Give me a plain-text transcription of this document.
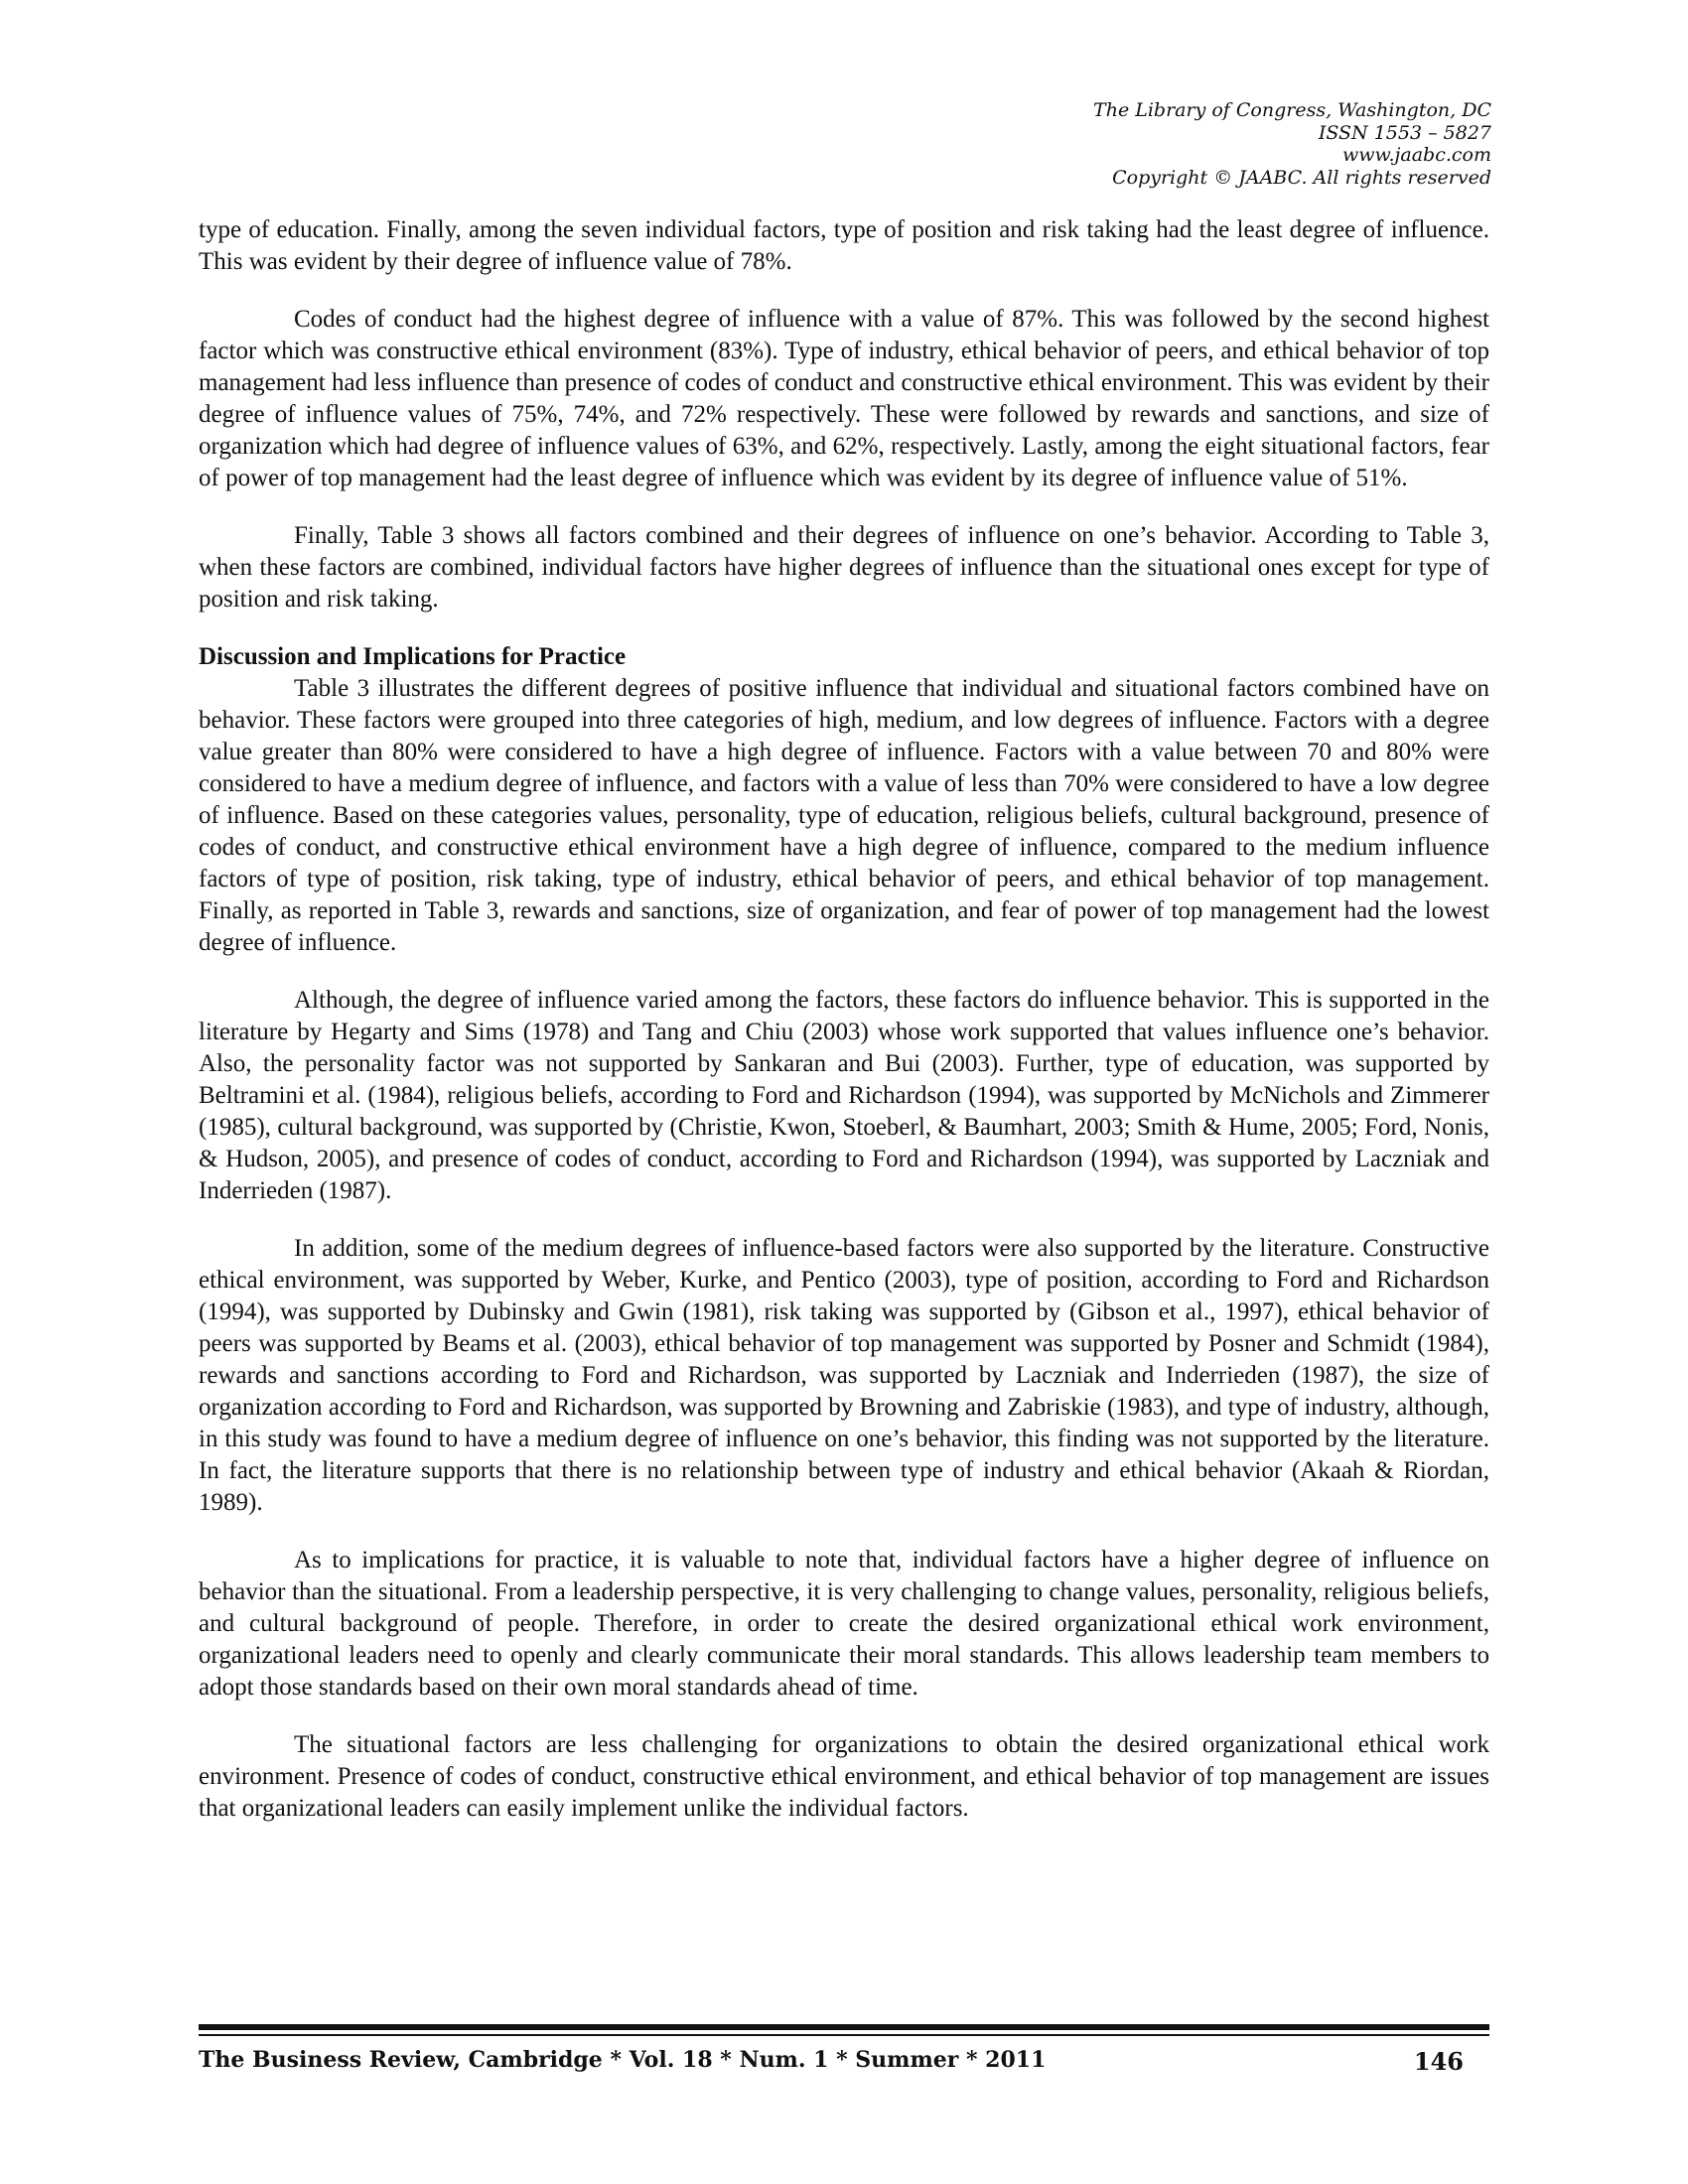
The Library of Congress, Washington, DC
ISSN 1553 – 5827
www.jaabc.com
Copyright © JAABC. All rights reserved

type of education. Finally, among the seven individual factors, type of position and risk taking had the least degree of influence. This was evident by their degree of influence value of 78%.

Codes of conduct had the highest degree of influence with a value of 87%. This was followed by the second highest factor which was constructive ethical environment (83%). Type of industry, ethical behavior of peers, and ethical behavior of top management had less influence than presence of codes of conduct and constructive ethical environment. This was evident by their degree of influence values of 75%, 74%, and 72% respectively. These were followed by rewards and sanctions, and size of organization which had degree of influence values of 63%, and 62%, respectively. Lastly, among the eight situational factors, fear of power of top management had the least degree of influence which was evident by its degree of influence value of 51%.

Finally, Table 3 shows all factors combined and their degrees of influence on one’s behavior. According to Table 3, when these factors are combined, individual factors have higher degrees of influence than the situational ones except for type of position and risk taking.

Discussion and Implications for Practice

Table 3 illustrates the different degrees of positive influence that individual and situational factors combined have on behavior. These factors were grouped into three categories of high, medium, and low degrees of influence. Factors with a degree value greater than 80% were considered to have a high degree of influence. Factors with a value between 70 and 80% were considered to have a medium degree of influence, and factors with a value of less than 70% were considered to have a low degree of influence. Based on these categories values, personality, type of education, religious beliefs, cultural background, presence of codes of conduct, and constructive ethical environment have a high degree of influence, compared to the medium influence factors of type of position, risk taking, type of industry, ethical behavior of peers, and ethical behavior of top management. Finally, as reported in Table 3, rewards and sanctions, size of organization, and fear of power of top management had the lowest degree of influence.

Although, the degree of influence varied among the factors, these factors do influence behavior. This is supported in the literature by Hegarty and Sims (1978) and Tang and Chiu (2003) whose work supported that values influence one’s behavior. Also, the personality factor was not supported by Sankaran and Bui (2003). Further, type of education, was supported by Beltramini et al. (1984), religious beliefs, according to Ford and Richardson (1994), was supported by McNichols and Zimmerer (1985), cultural background, was supported by (Christie, Kwon, Stoeberl, & Baumhart, 2003; Smith & Hume, 2005; Ford, Nonis, & Hudson, 2005), and presence of codes of conduct, according to Ford and Richardson (1994), was supported by Laczniak and Inderrieden (1987).

In addition, some of the medium degrees of influence-based factors were also supported by the literature. Constructive ethical environment, was supported by Weber, Kurke, and Pentico (2003), type of position, according to Ford and Richardson (1994), was supported by Dubinsky and Gwin (1981), risk taking was supported by (Gibson et al., 1997), ethical behavior of peers was supported by Beams et al. (2003), ethical behavior of top management was supported by Posner and Schmidt (1984), rewards and sanctions according to Ford and Richardson, was supported by Laczniak and Inderrieden (1987), the size of organization according to Ford and Richardson, was supported by Browning and Zabriskie (1983), and type of industry, although, in this study was found to have a medium degree of influence on one’s behavior, this finding was not supported by the literature. In fact, the literature supports that there is no relationship between type of industry and ethical behavior (Akaah & Riordan, 1989).

As to implications for practice, it is valuable to note that, individual factors have a higher degree of influence on behavior than the situational. From a leadership perspective, it is very challenging to change values, personality, religious beliefs, and cultural background of people. Therefore, in order to create the desired organizational ethical work environment, organizational leaders need to openly and clearly communicate their moral standards. This allows leadership team members to adopt those standards based on their own moral standards ahead of time.

The situational factors are less challenging for organizations to obtain the desired organizational ethical work environment. Presence of codes of conduct, constructive ethical environment, and ethical behavior of top management are issues that organizational leaders can easily implement unlike the individual factors.

The Business Review, Cambridge * Vol. 18 * Num. 1 * Summer * 2011	146
